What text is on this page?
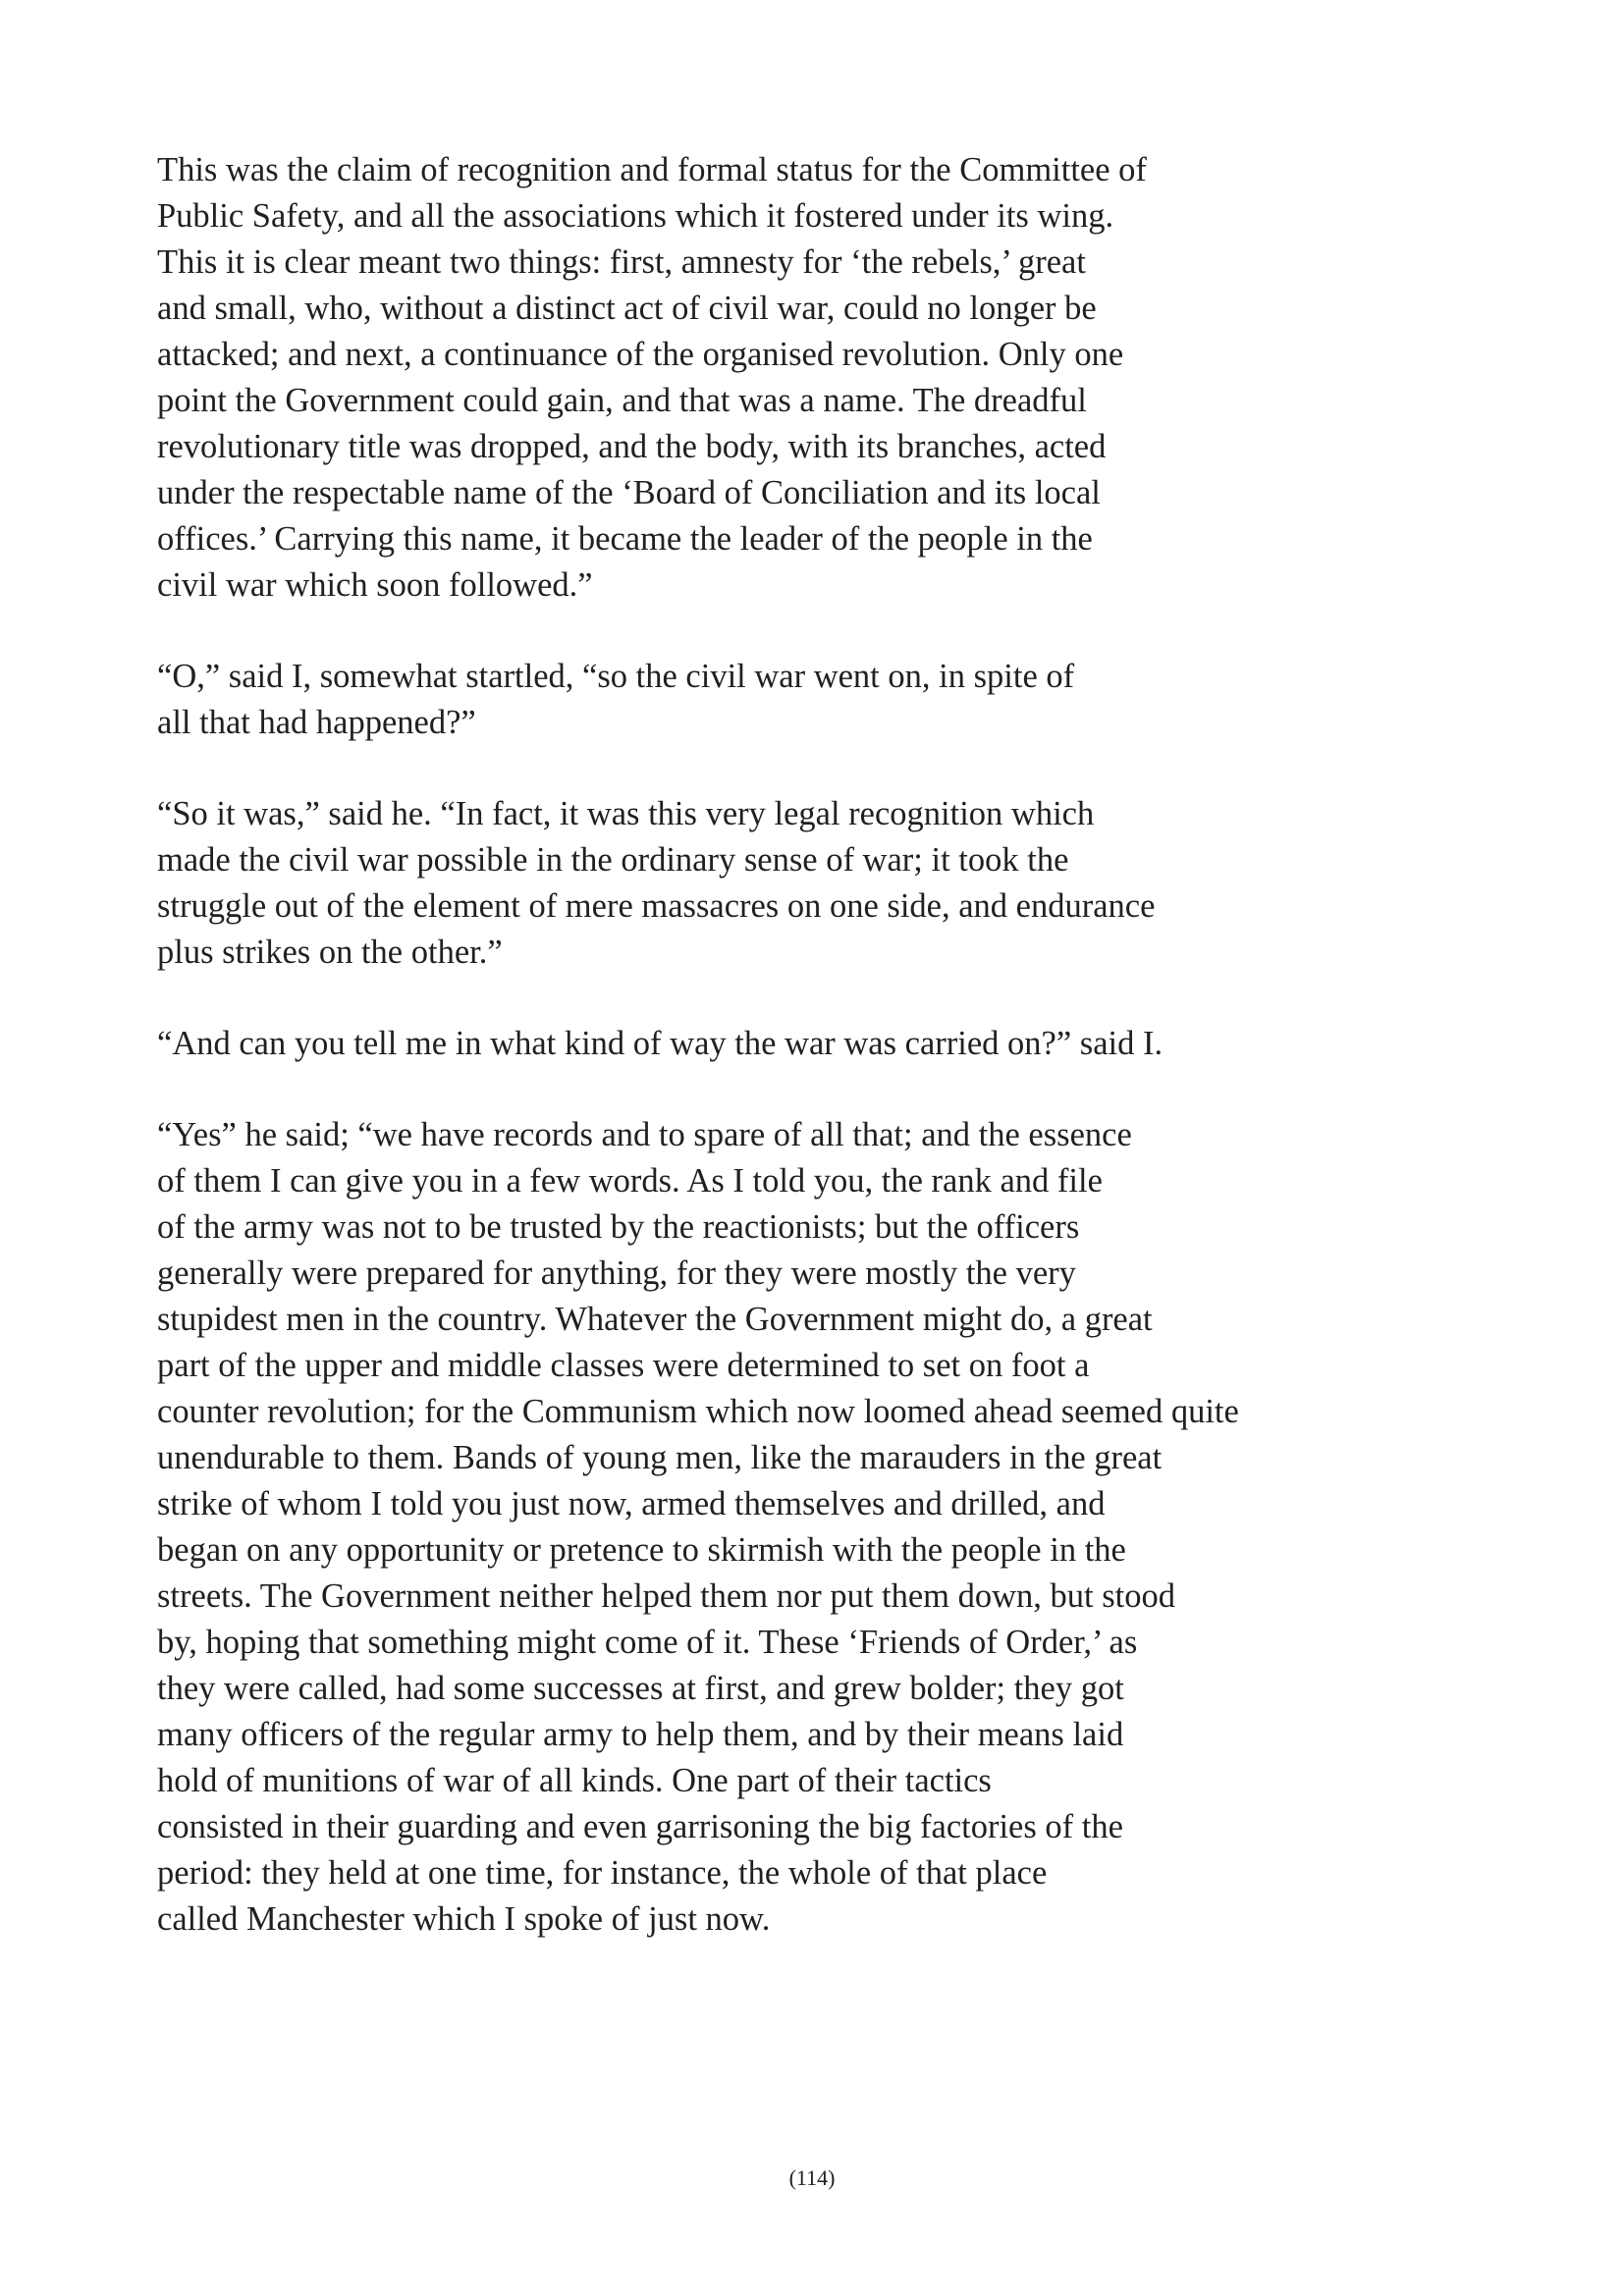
This was the claim of recognition and formal status for the Committee of
Public Safety, and all the associations which it fostered under its wing.
This it is clear meant two things: first, amnesty for ‘the rebels,’ great
and small, who, without a distinct act of civil war, could no longer be
attacked; and next, a continuance of the organised revolution. Only one
point the Government could gain, and that was a name. The dreadful
revolutionary title was dropped, and the body, with its branches, acted
under the respectable name of the ‘Board of Conciliation and its local
offices.’ Carrying this name, it became the leader of the people in the
civil war which soon followed.”

“O,” said I, somewhat startled, “so the civil war went on, in spite of
all that had happened?”

“So it was,” said he. “In fact, it was this very legal recognition which
made the civil war possible in the ordinary sense of war; it took the
struggle out of the element of mere massacres on one side, and endurance
plus strikes on the other.”

“And can you tell me in what kind of way the war was carried on?” said I.

“Yes” he said; “we have records and to spare of all that; and the essence
of them I can give you in a few words. As I told you, the rank and file
of the army was not to be trusted by the reactionists; but the officers
generally were prepared for anything, for they were mostly the very
stupidest men in the country. Whatever the Government might do, a great
part of the upper and middle classes were determined to set on foot a
counter revolution; for the Communism which now loomed ahead seemed quite
unendurable to them. Bands of young men, like the marauders in the great
strike of whom I told you just now, armed themselves and drilled, and
began on any opportunity or pretence to skirmish with the people in the
streets. The Government neither helped them nor put them down, but stood
by, hoping that something might come of it. These ‘Friends of Order,’ as
they were called, had some successes at first, and grew bolder; they got
many officers of the regular army to help them, and by their means laid
hold of munitions of war of all kinds. One part of their tactics
consisted in their guarding and even garrisoning the big factories of the
period: they held at one time, for instance, the whole of that place
called Manchester which I spoke of just now.

(114)
